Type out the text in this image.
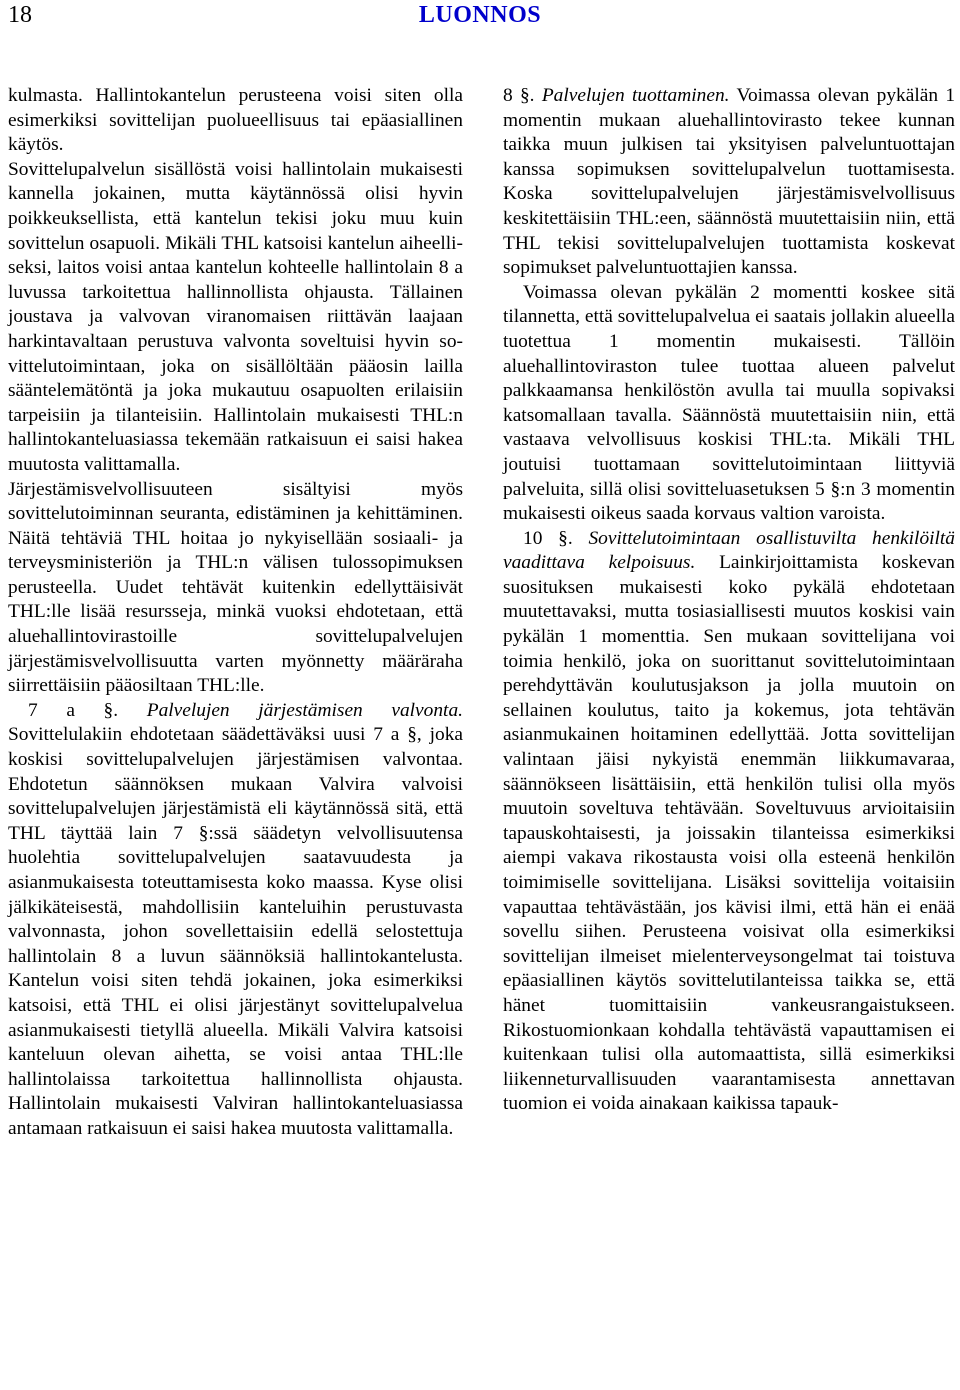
18	LUONNOS

kulmasta. Hallintokantelun perusteena voisi siten olla esimerkiksi sovittelijan puolueellisuus tai epäasiallinen käytös.

Sovittelupalvelun sisällöstä voisi hallintolain mukaisesti kannella jokainen, mutta käytännössä olisi hyvin poikkeuksellista, että kantelun tekisi joku muu kuin sovittelun osapuoli. Mikäli THL katsoisi kantelun aiheelliseksi, laitos voisi antaa kantelun kohteelle hallintolain 8 a luvussa tarkoitettua hallinnollista ohjausta. Tällainen joustava ja valvovan viranomaisen riittävän laajaan harkintavaltaan perustuva valvonta soveltuisi hyvin sovittelutoimintaan, joka on sisällöltään pääosin lailla sääntelemätöntä ja joka mukautuu osapuolten erilaisiin tarpeisiin ja tilanteisiin. Hallintolain mukaisesti THL:n hallintokanteluasiassa tekemään ratkaisuun ei saisi hakea muutosta valittamalla.

Järjestämisvelvollisuuteen sisältyisi myös sovittelutoiminnan seuranta, edistäminen ja kehittäminen. Näitä tehtäviä THL hoitaa jo nykyisellään sosiaali- ja terveysministeriön ja THL:n välisen tulossopimuksen perusteella. Uudet tehtävät kuitenkin edellyttäisivät THL:lle lisää resursseja, minkä vuoksi ehdotetaan, että aluehallintovirastoille sovittelupalvelujen järjestämisvelvollisuutta varten myönnetty määräraha siirrettäisiin pääosiltaan THL:lle.

7 a §. Palvelujen järjestämisen valvonta. Sovittelulakiin ehdotetaan säädettäväksi uusi 7 a §, joka koskisi sovittelupalvelujen järjestämisen valvontaa. Ehdotetun säännöksen mukaan Valvira valvoisi sovittelupalvelujen järjestämistä eli käytännössä sitä, että THL täyttää lain 7 §:ssä säädetyn velvollisuutensa huolehtia sovittelupalvelujen saatavuudesta ja asianmukaisesta toteuttamisesta koko maassa. Kyse olisi jälkikäteisestä, mahdollisiin kanteluihin perustuvasta valvonnasta, johon sovellettaisiin edellä selostettuja hallintolain 8 a luvun säännöksiä hallintokantelusta. Kantelun voisi siten tehdä jokainen, joka esimerkiksi katsoisi, että THL ei olisi järjestänyt sovittelupalvelua asianmukaisesti tietyllä alueella. Mikäli Valvira katsoisi kanteluun olevan aihetta, se voisi antaa THL:lle hallintolaissa tarkoitettua hallinnollista ohjausta. Hallintolain mukaisesti Valviran hallintokanteluasiassa antamaan ratkaisuun ei saisi hakea muutosta valittamalla.

8 §. Palvelujen tuottaminen. Voimassa olevan pykälän 1 momentin mukaan aluehallintovirasto tekee kunnan taikka muun julkisen tai yksityisen palveluntuottajan kanssa sopimuksen sovittelupalvelun tuottamisesta. Koska sovittelupalvelujen järjestämisvelvollisuus keskitettäisiin THL:een, säännöstä muutettaisiin niin, että THL tekisi sovittelupalvelujen tuottamista koskevat sopimukset palveluntuottajien kanssa.

Voimassa olevan pykälän 2 momentti koskee sitä tilannetta, että sovittelupalvelua ei saatais jollakin alueella tuotettua 1 momentin mukaisesti. Tällöin aluehallintoviraston tulee tuottaa alueen palvelut palkkaamansa henkilöstön avulla tai muulla sopivaksi katsomallaan tavalla. Säännöstä muutettaisiin niin, että vastaava velvollisuus koskisi THL:ta. Mikäli THL joutuisi tuottamaan sovittelutoimintaan liittyviä palveluita, sillä olisi sovitteluasetuksen 5 §:n 3 momentin mukaisesti oikeus saada korvaus valtion varoista.

10 §. Sovittelutoimintaan osallistuvilta henkilöiltä vaadittava kelpoisuus. Lainkirjoittamista koskevan suosituksen mukaisesti koko pykälä ehdotetaan muutettavaksi, mutta tosiasiallisesti muutos koskisi vain pykälän 1 momenttia. Sen mukaan sovittelijana voi toimia henkilö, joka on suorittanut sovittelutoimintaan perehdyttävän koulutusjakson ja jolla muutoin on sellainen koulutus, taito ja kokemus, jota tehtävän asianmukainen hoitaminen edellyttää. Jotta sovittelijan valintaan jäisi nykyistä enemmän liikkumavaraa, säännökseen lisättäisiin, että henkilön tulisi olla myös muutoin soveltuva tehtävään. Soveltuvuus arvioitaisiin tapauskohtaisesti, ja joissakin tilanteissa esimerkiksi aiempi vakava rikostausta voisi olla esteenä henkilön toimimiselle sovittelijana. Lisäksi sovittelija voitaisiin vapauttaa tehtävästään, jos kävisi ilmi, että hän ei enää sovellu siihen. Perusteena voisivat olla esimerkiksi sovittelijan ilmeiset mielenterveysongelmat tai toistuva epäasiallinen käytös sovittelutilanteissa taikka se, että hänet tuomittaisiin vankeusrangaistukseen. Rikostuomionkaan kohdalla tehtävästä vapauttamisen ei kuitenkaan tulisi olla automaattista, sillä esimerkiksi liikenneturvallisuuden vaarantamisesta annettavan tuomion ei voida ainakaan kaikissa tapauk-
